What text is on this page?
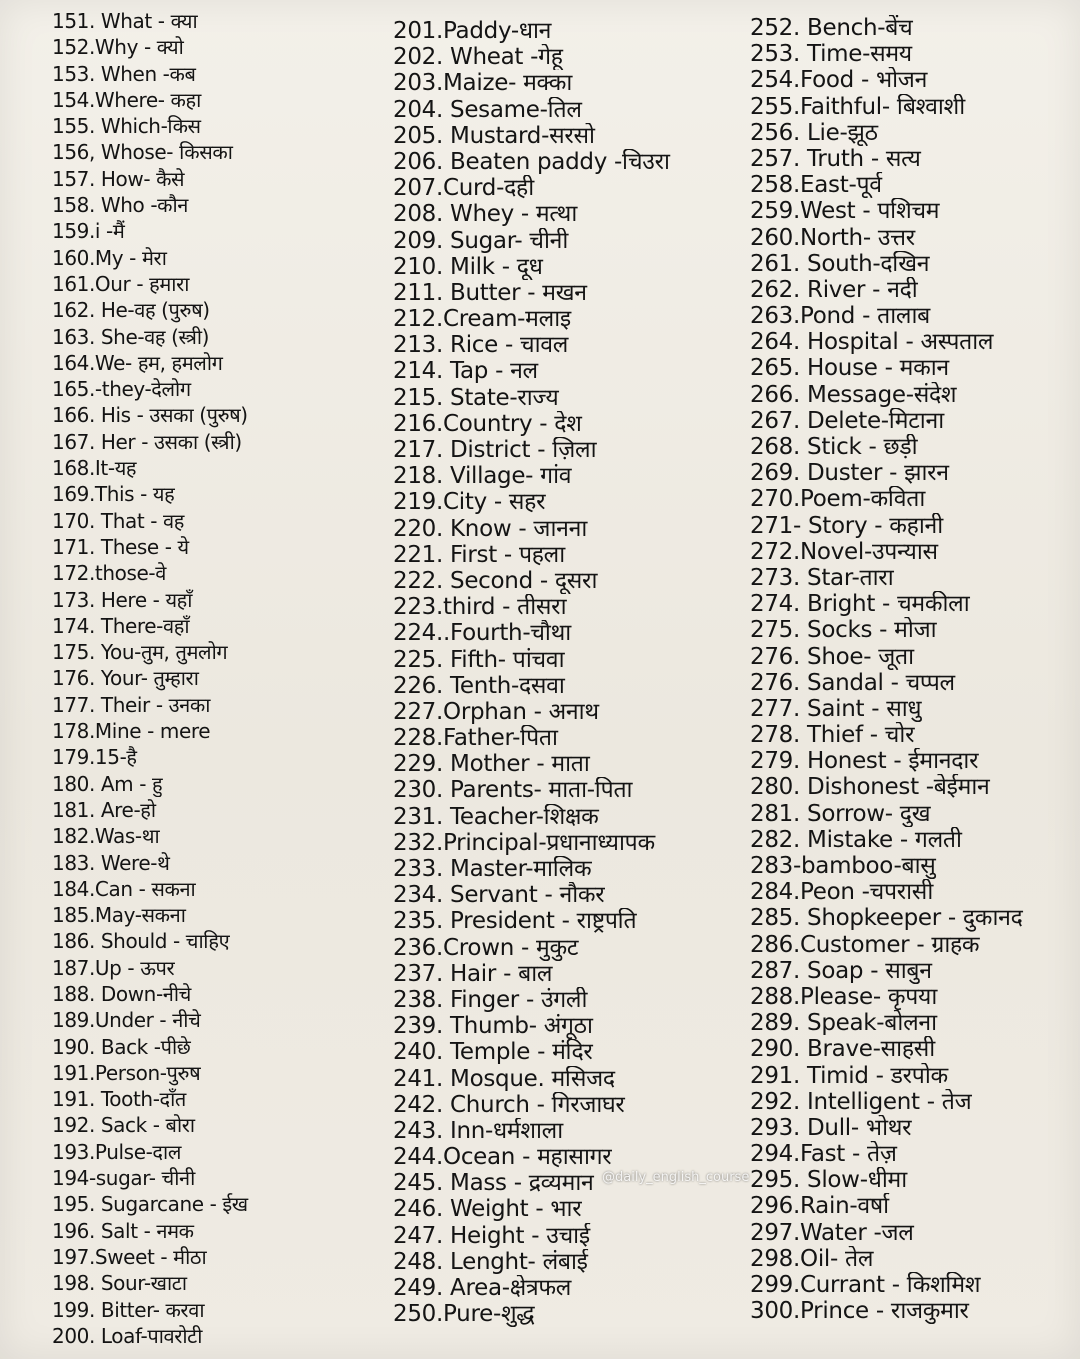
151. What - क्या
152.Why - क्यो
153. When -कब
154.Where- कहा
155. Which-किस
156, Whose- किसका
157. How- कैसे
158. Who -कौन
159.i -मैं
160.My - मेरा
161.Our - हमारा
162. He-वह (पुरुष)
163. She-वह (स्त्री)
164.We- हम, हमलोग
165.-they-देलोग
166. His - उसका (पुरुष)
167. Her - उसका (स्त्री)
168.It-यह
169.This - यह
170. That - वह
171. These - ये
172.those-वे
173. Here - यहाँ
174. There-वहाँ
175. You-तुम, तुमलोग
176. Your- तुम्हारा
177. Their - उनका
178.Mine - mere
179.15-है
180. Am - हु
181. Are-हो
182.Was-था
183. Were-थे
184.Can - सकना
185.May-सकना
186. Should - चाहिए
187.Up - ऊपर
188. Down-नीचे
189.Under - नीचे
190. Back -पीछे
191.Person-पुरुष
191. Tooth-दाँत
192. Sack - बोरा
193.Pulse-दाल
194-sugar- चीनी
195. Sugarcane - ईख
196. Salt - नमक
197.Sweet - मीठा
198. Sour-खाटा
199. Bitter- करवा
200. Loaf-पावरोटी
201.Paddy-धान
202. Wheat -गेहू
203.Maize- मक्का
204. Sesame-तिल
205. Mustard-सरसो
206. Beaten paddy -चिउरा
207.Curd-दही
208. Whey - मत्था
209. Sugar- चीनी
210. Milk - दूध
211. Butter - मखन
212.Cream-मलाइ
213. Rice - चावल
214. Tap - नल
215. State-राज्य
216.Country - देश
217. District - ज़िला
218. Village- गांव
219.City - सहर
220. Know - जानना
221. First - पहला
222. Second - दूसरा
223.third - तीसरा
224..Fourth-चौथा
225. Fifth- पांचवा
226. Tenth-दसवा
227.Orphan - अनाथ
228.Father-पिता
229. Mother - माता
230. Parents- माता-पिता
231. Teacher-शिक्षक
232.Principal-प्रधानाध्यापक
233. Master-मालिक
234. Servant - नौकर
235. President - राष्ट्रपति
236.Crown - मुकुट
237. Hair - बाल
238. Finger - उंगली
239. Thumb- अंगूठा
240. Temple - मंदिर
241. Mosque. मसिजद
242. Church - गिरजाघर
243. Inn-धर्मशाला
244.Ocean - महासागर
245. Mass - द्रव्यमान
246. Weight - भार
247. Height - उचाई
248. Lenght- लंबाई
249. Area-क्षेत्रफल
250.Pure-शुद्ध
252. Bench-बेंच
253. Time-समय
254.Food - भोजन
255.Faithful- बिश्वाशी
256. Lie-झूठ
257. Truth - सत्य
258.East-पूर्व
259.West - पशिचम
260.North- उत्तर
261. South-दखिन
262. River - नदी
263.Pond - तालाब
264. Hospital - अस्पताल
265. House - मकान
266. Message-संदेश
267. Delete-मिटाना
268. Stick - छड़ी
269. Duster - झारन
270.Poem-कविता
271- Story - कहानी
272.Novel-उपन्यास
273. Star-तारा
274. Bright - चमकीला
275. Socks - मोजा
276. Shoe- जूता
276. Sandal - चप्पल
277. Saint - साधु
278. Thief - चोर
279. Honest - ईमानदार
280. Dishonest -बेईमान
281. Sorrow- दुख
282. Mistake - गलती
283-bamboo-बासु
284.Peon -चपरासी
285. Shopkeeper - दुकानद
286.Customer - ग्राहक
287. Soap - साबुन
288.Please- कृपया
289. Speak-बोलना
290. Brave-साहसी
291. Timid - डरपोक
292. Intelligent - तेज
293. Dull- भोथर
294.Fast - तेज़
295. Slow-धीमा
296.Rain-वर्षा
297.Water -जल
298.Oil- तेल
299.Currant - किशमिश
300.Prince - राजकुमार
@daily_english_course
